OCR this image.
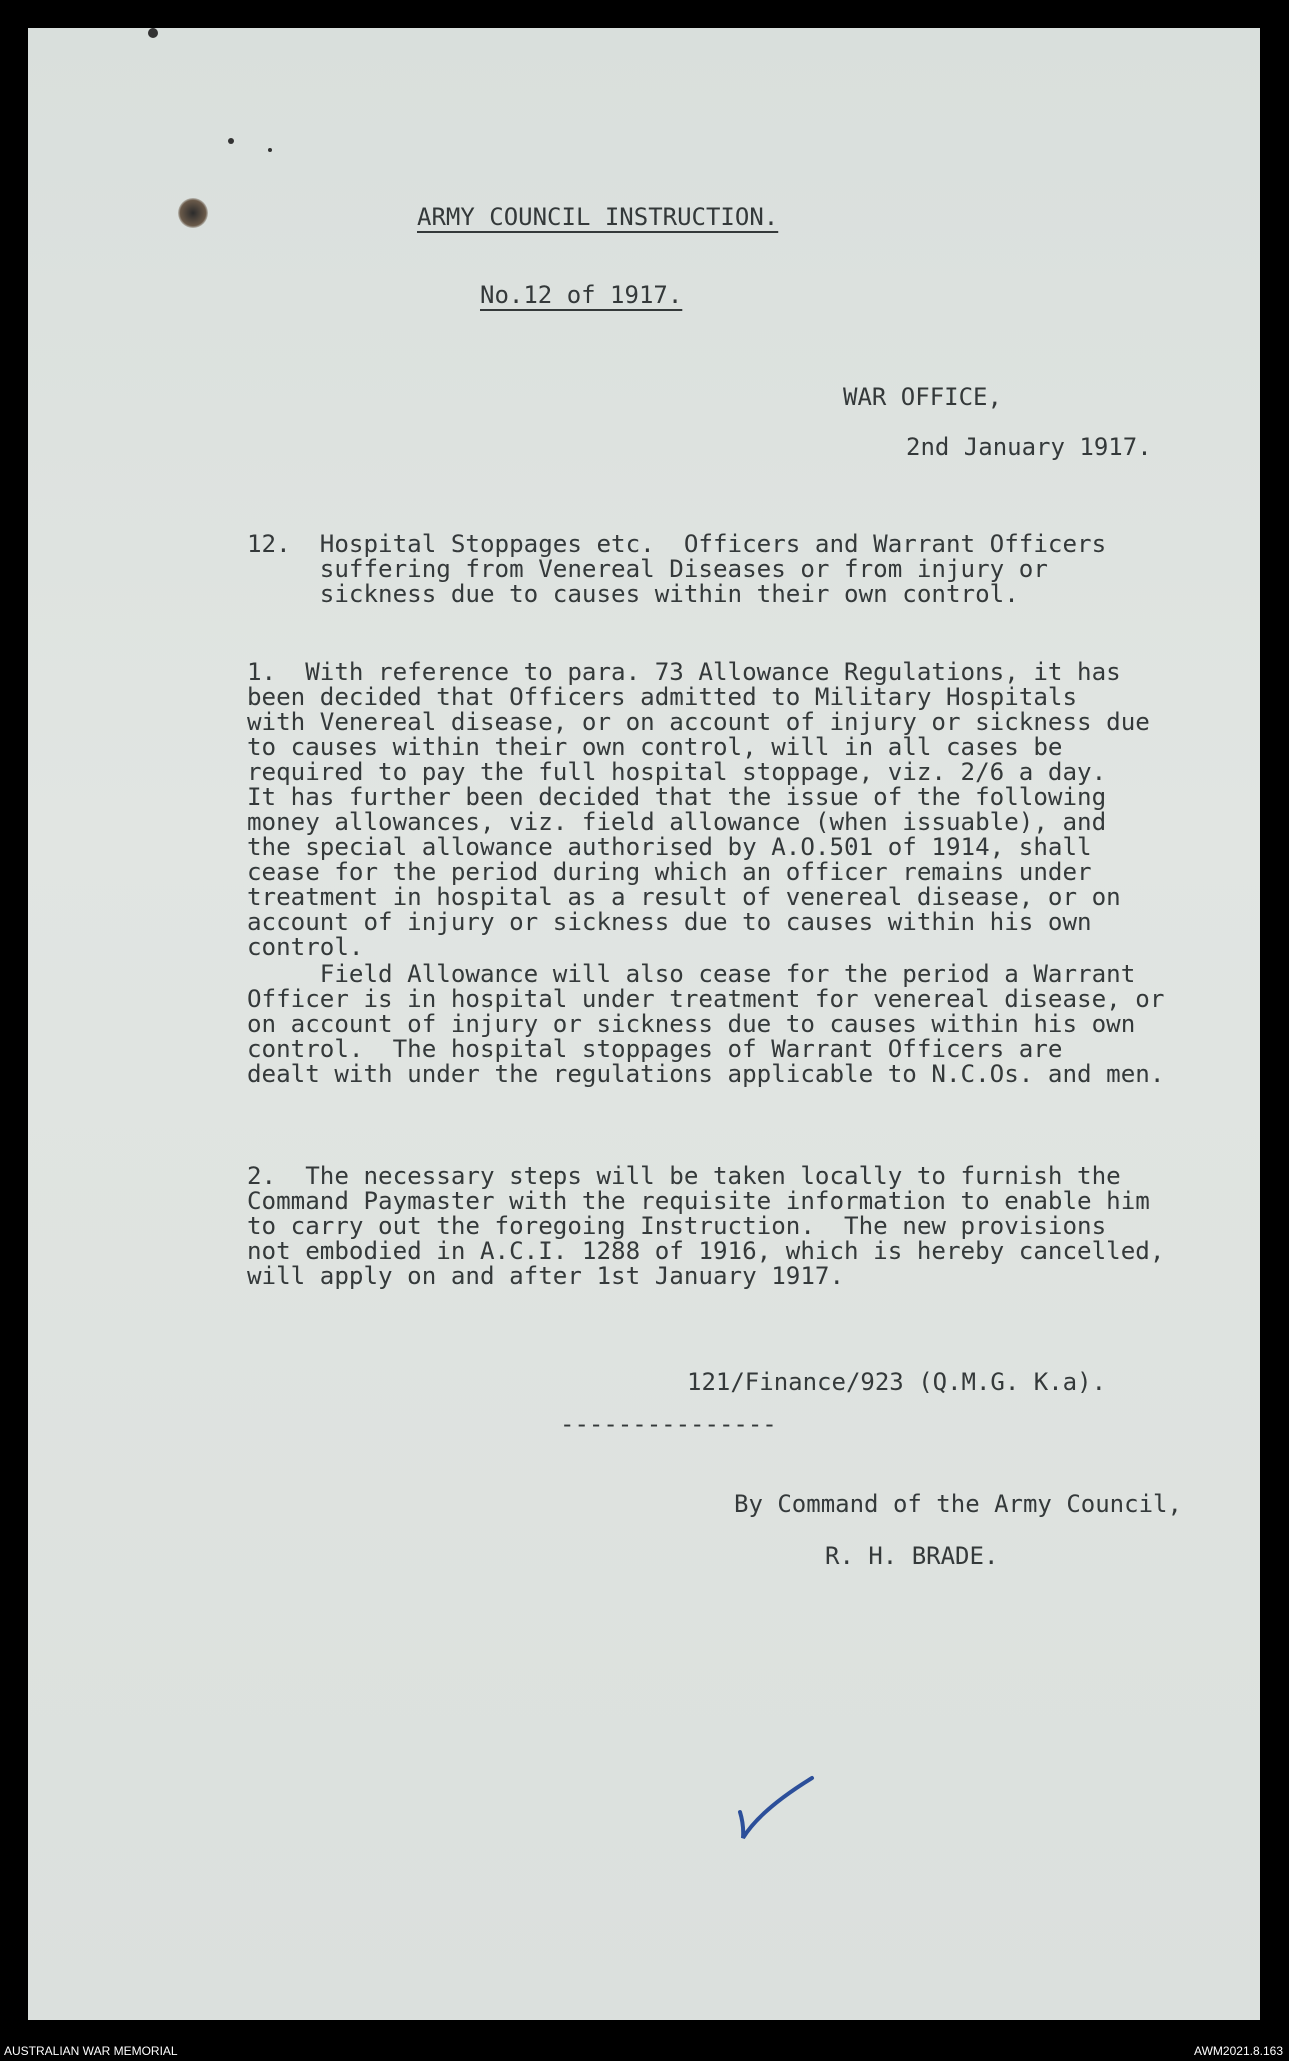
ARMY COUNCIL INSTRUCTION.

No.12 of 1917.

WAR OFFICE,

2nd January 1917.

12.  Hospital Stoppages etc.  Officers and Warrant Officers

suffering from Venereal Diseases or from injury or

sickness due to causes within their own control.

1.  With reference to para. 73 Allowance Regulations, it has

been decided that Officers admitted to Military Hospitals

with Venereal disease, or on account of injury or sickness due

to causes within their own control, will in all cases be

required to pay the full hospital stoppage, viz. 2/6 a day.

It has further been decided that the issue of the following

money allowances, viz. field allowance (when issuable), and

the special allowance authorised by A.O.501 of 1914, shall

cease for the period during which an officer remains under

treatment in hospital as a result of venereal disease, or on

account of injury or sickness due to causes within his own

control.

Field Allowance will also cease for the period a Warrant

Officer is in hospital under treatment for venereal disease, or

on account of injury or sickness due to causes within his own

control.  The hospital stoppages of Warrant Officers are

dealt with under the regulations applicable to N.C.Os. and men.

2.  The necessary steps will be taken locally to furnish the

Command Paymaster with the requisite information to enable him

to carry out the foregoing Instruction.  The new provisions

not embodied in A.C.I. 1288 of 1916, which is hereby cancelled,

will apply on and after 1st January 1917.

121/Finance/923 (Q.M.G. K.a).

---------------

By Command of the Army Council,

R. H. BRADE.

AUSTRALIAN WAR MEMORIAL	AWM2021.8.163
